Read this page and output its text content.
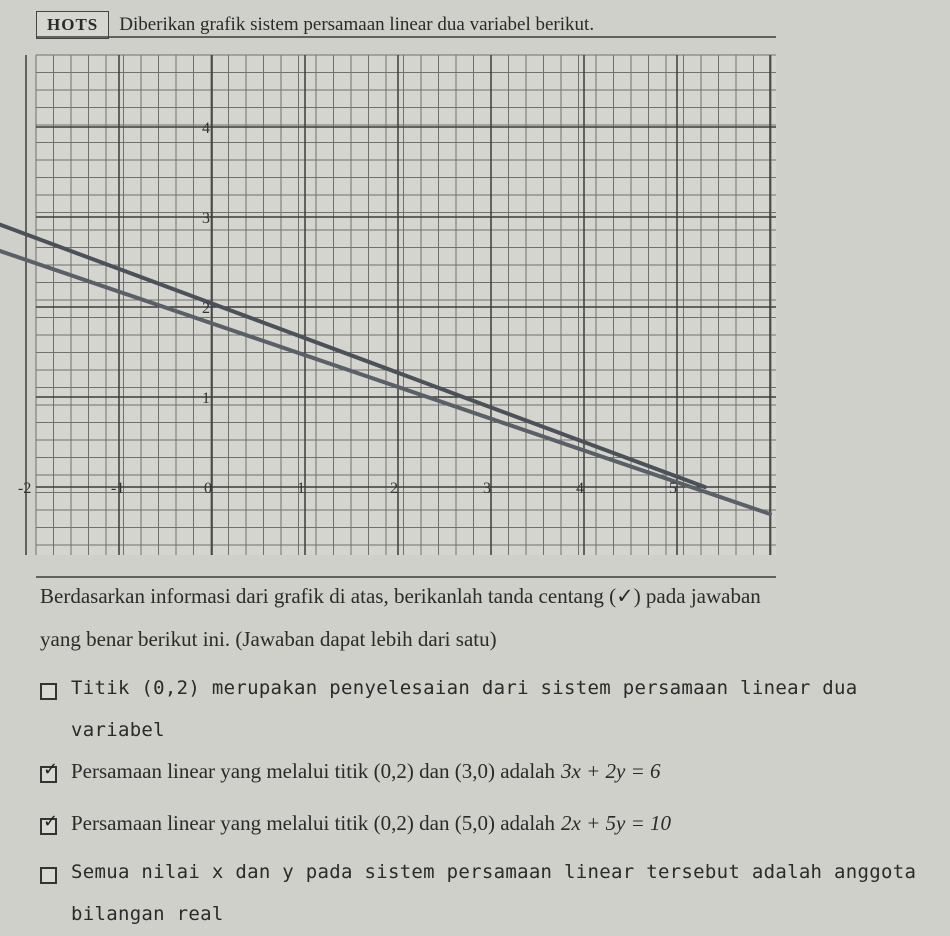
HOTS	Diberikan grafik sistem persamaan linear dua variabel berikut.
-2	-1	0	1	2	3	4	5
1
2
3
4
Berdasarkan informasi dari grafik di atas, berikanlah tanda centang (✓) pada jawaban
yang benar berikut ini. (Jawaban dapat lebih dari satu)
Titik (0,2) merupakan penyelesaian dari sistem persamaan linear dua
variabel
✓ Persamaan linear yang melalui titik (0,2) dan (3,0) adalah 3x + 2y = 6
✓ Persamaan linear yang melalui titik (0,2) dan (5,0) adalah 2x + 5y = 10
Semua nilai x dan y pada sistem persamaan linear tersebut adalah anggota
bilangan real
